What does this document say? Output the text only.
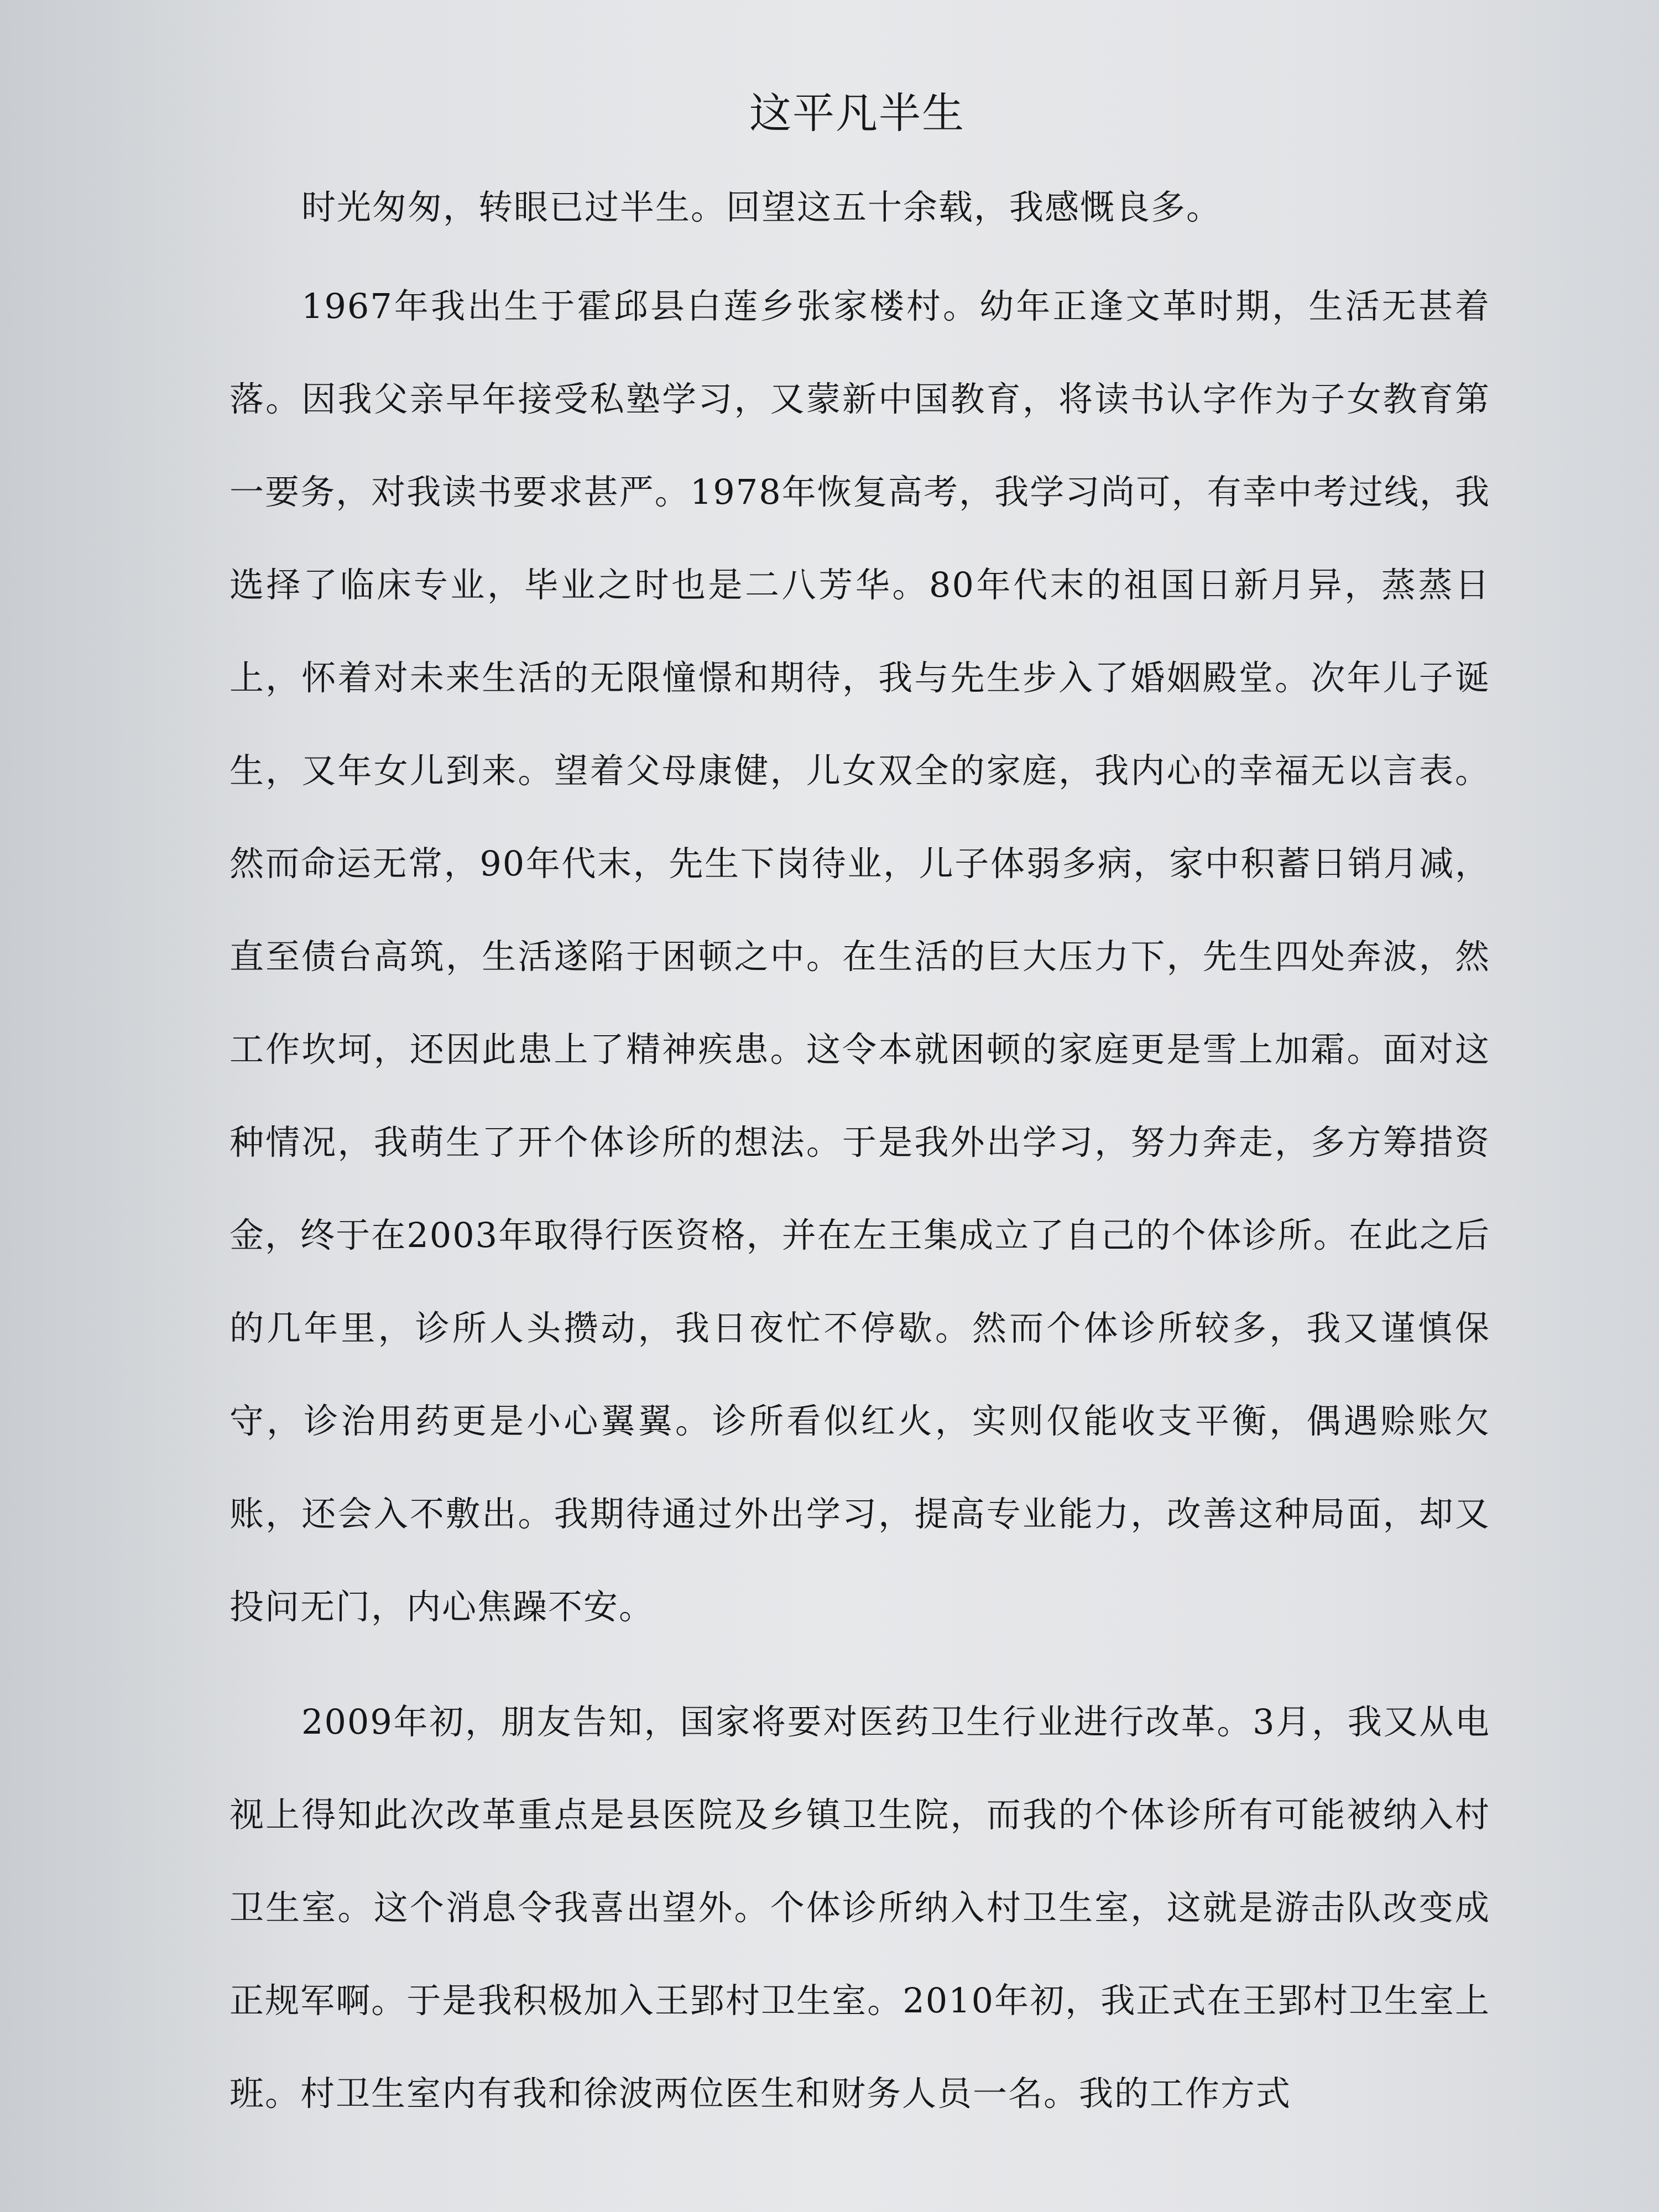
这平凡半生

时光匆匆，转眼已过半生。回望这五十余载，我感慨良多。

1967年我出生于霍邱县白莲乡张家楼村。幼年正逢文革时期，生活无甚着落。因我父亲早年接受私塾学习，又蒙新中国教育，将读书认字作为子女教育第一要务，对我读书要求甚严。1978年恢复高考，我学习尚可，有幸中考过线，我选择了临床专业，毕业之时也是二八芳华。80年代末的祖国日新月异，蒸蒸日上，怀着对未来生活的无限憧憬和期待，我与先生步入了婚姻殿堂。次年儿子诞生，又年女儿到来。望着父母康健，儿女双全的家庭，我内心的幸福无以言表。然而命运无常，90年代末，先生下岗待业，儿子体弱多病，家中积蓄日销月减，直至债台高筑，生活遂陷于困顿之中。在生活的巨大压力下，先生四处奔波，然工作坎坷，还因此患上了精神疾患。这令本就困顿的家庭更是雪上加霜。面对这种情况，我萌生了开个体诊所的想法。于是我外出学习，努力奔走，多方筹措资金，终于在2003年取得行医资格，并在左王集成立了自己的个体诊所。在此之后的几年里，诊所人头攒动，我日夜忙不停歇。然而个体诊所较多，我又谨慎保守，诊治用药更是小心翼翼。诊所看似红火，实则仅能收支平衡，偶遇赊账欠账，还会入不敷出。我期待通过外出学习，提高专业能力，改善这种局面，却又投问无门，内心焦躁不安。

2009年初，朋友告知，国家将要对医药卫生行业进行改革。3月，我又从电视上得知此次改革重点是县医院及乡镇卫生院，而我的个体诊所有可能被纳入村卫生室。这个消息令我喜出望外。个体诊所纳入村卫生室，这就是游击队改变成正规军啊。于是我积极加入王郢村卫生室。2010年初，我正式在王郢村卫生室上班。村卫生室内有我和徐波两位医生和财务人员一名。我的工作方式
